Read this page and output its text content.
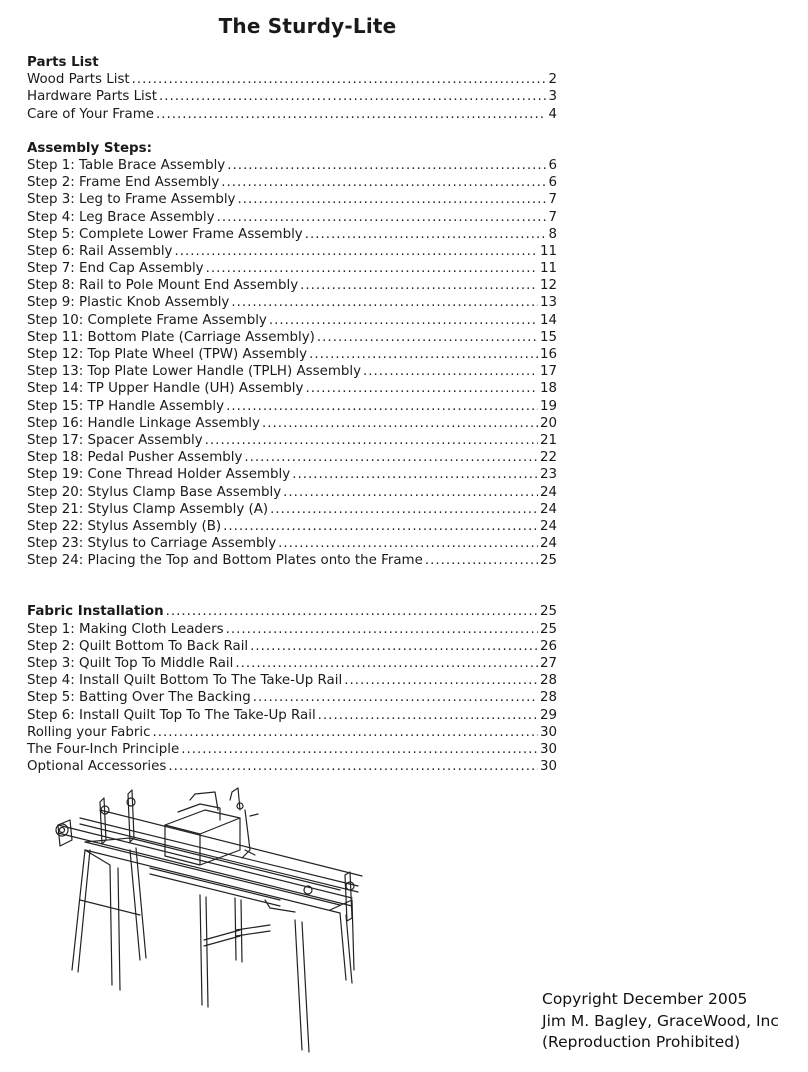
The Sturdy-Lite
Parts List
Wood Parts List .....	2
Hardware Parts List .....	3
Care of Your Frame .....	4
Assembly Steps:
Step 1: Table Brace Assembly .....	6
Step 2: Frame End Assembly .....	6
Step 3: Leg to Frame Assembly .....	7
Step 4: Leg Brace Assembly .....	7
Step 5: Complete Lower Frame Assembly .....	8
Step 6: Rail Assembly .....	11
Step 7: End Cap Assembly .....	11
Step 8: Rail to Pole Mount End Assembly .....	12
Step 9: Plastic Knob Assembly .....	13
Step 10: Complete Frame Assembly .....	14
Step 11: Bottom Plate (Carriage Assembly) .....	15
Step 12: Top Plate Wheel (TPW) Assembly .....	16
Step 13: Top Plate Lower Handle (TPLH) Assembly .....	17
Step 14: TP Upper Handle (UH) Assembly .....	18
Step 15: TP Handle Assembly .....	19
Step 16: Handle Linkage Assembly .....	20
Step 17: Spacer Assembly .....	21
Step 18: Pedal Pusher Assembly .....	22
Step 19: Cone Thread Holder Assembly .....	23
Step 20: Stylus Clamp Base Assembly .....	24
Step 21: Stylus Clamp Assembly (A) .....	24
Step 22: Stylus Assembly (B) .....	24
Step 23: Stylus to Carriage Assembly .....	24
Step 24: Placing the Top and Bottom Plates onto the Frame .....	25
Fabric Installation .....	25
Step 1: Making Cloth Leaders .....	25
Step 2: Quilt Bottom To Back Rail .....	26
Step 3: Quilt Top To Middle Rail .....	27
Step 4: Install Quilt Bottom To The Take-Up Rail .....	28
Step 5: Batting Over The Backing .....	28
Step 6: Install Quilt Top To The Take-Up Rail .....	29
Rolling your Fabric .....	30
The Four-Inch Principle .....	30
Optional Accessories .....	30
Copyright December 2005
Jim M. Bagley, GraceWood, Inc
(Reproduction Prohibited)
